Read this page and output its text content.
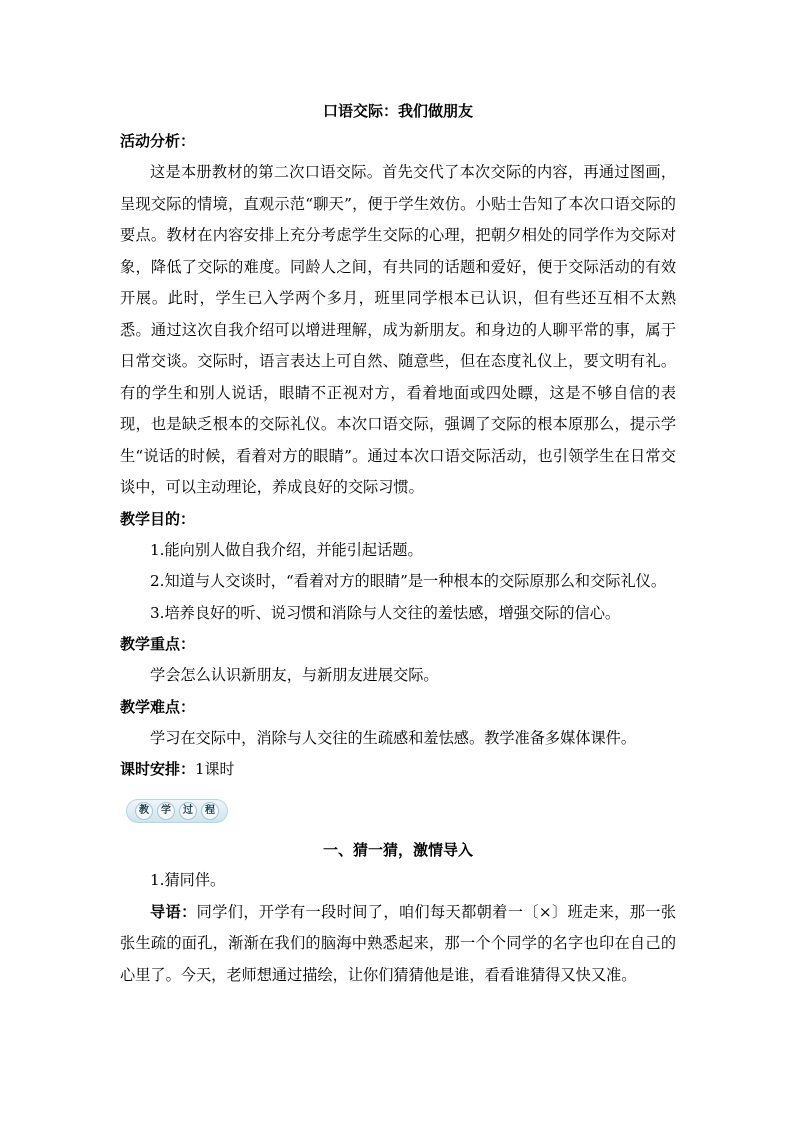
口语交际：我们做朋友
活动分析：

这是本册教材的第二次口语交际。首先交代了本次交际的内容，再通过图画，呈现交际的情境，直观示范“聊天”，便于学生效仿。小贴士告知了本次口语交际的要点。教材在内容安排上充分考虑学生交际的心理，把朝夕相处的同学作为交际对象，降低了交际的难度。同龄人之间，有共同的话题和爱好，便于交际活动的有效开展。此时，学生已入学两个多月，班里同学根本已认识，但有些还互相不太熟悉。通过这次自我介绍可以增进理解，成为新朋友。和身边的人聊平常的事，属于日常交谈。交际时，语言表达上可自然、随意些，但在态度礼仪上，要文明有礼。有的学生和别人说话，眼睛不正视对方，看着地面或四处瞟，这是不够自信的表现，也是缺乏根本的交际礼仪。本次口语交际，强调了交际的根本原那么，提示学生“说话的时候，看着对方的眼睛”。通过本次口语交际活动，也引领学生在日常交谈中，可以主动理论，养成良好的交际习惯。

教学目的：

1.能向别人做自我介绍，并能引起话题。

2.知道与人交谈时，“看着对方的眼睛”是一种根本的交际原那么和交际礼仪。

3.培养良好的听、说习惯和消除与人交往的羞怯感，增强交际的信心。

教学重点：

学会怎么认识新朋友，与新朋友进展交际。

教学难点：

学习在交际中，消除与人交往的生疏感和羞怯感。教学准备多媒体课件。

课时安排：1课时
教	学	过	程
一、猜一猜，激情导入

1.猜同伴。

导语：同学们，开学有一段时间了，咱们每天都朝着一〔×〕班走来，那一张张生疏的面孔，渐渐在我们的脑海中熟悉起来，那一个个同学的名字也印在自己的心里了。今天，老师想通过描绘，让你们猜猜他是谁，看看谁猜得又快又准。
